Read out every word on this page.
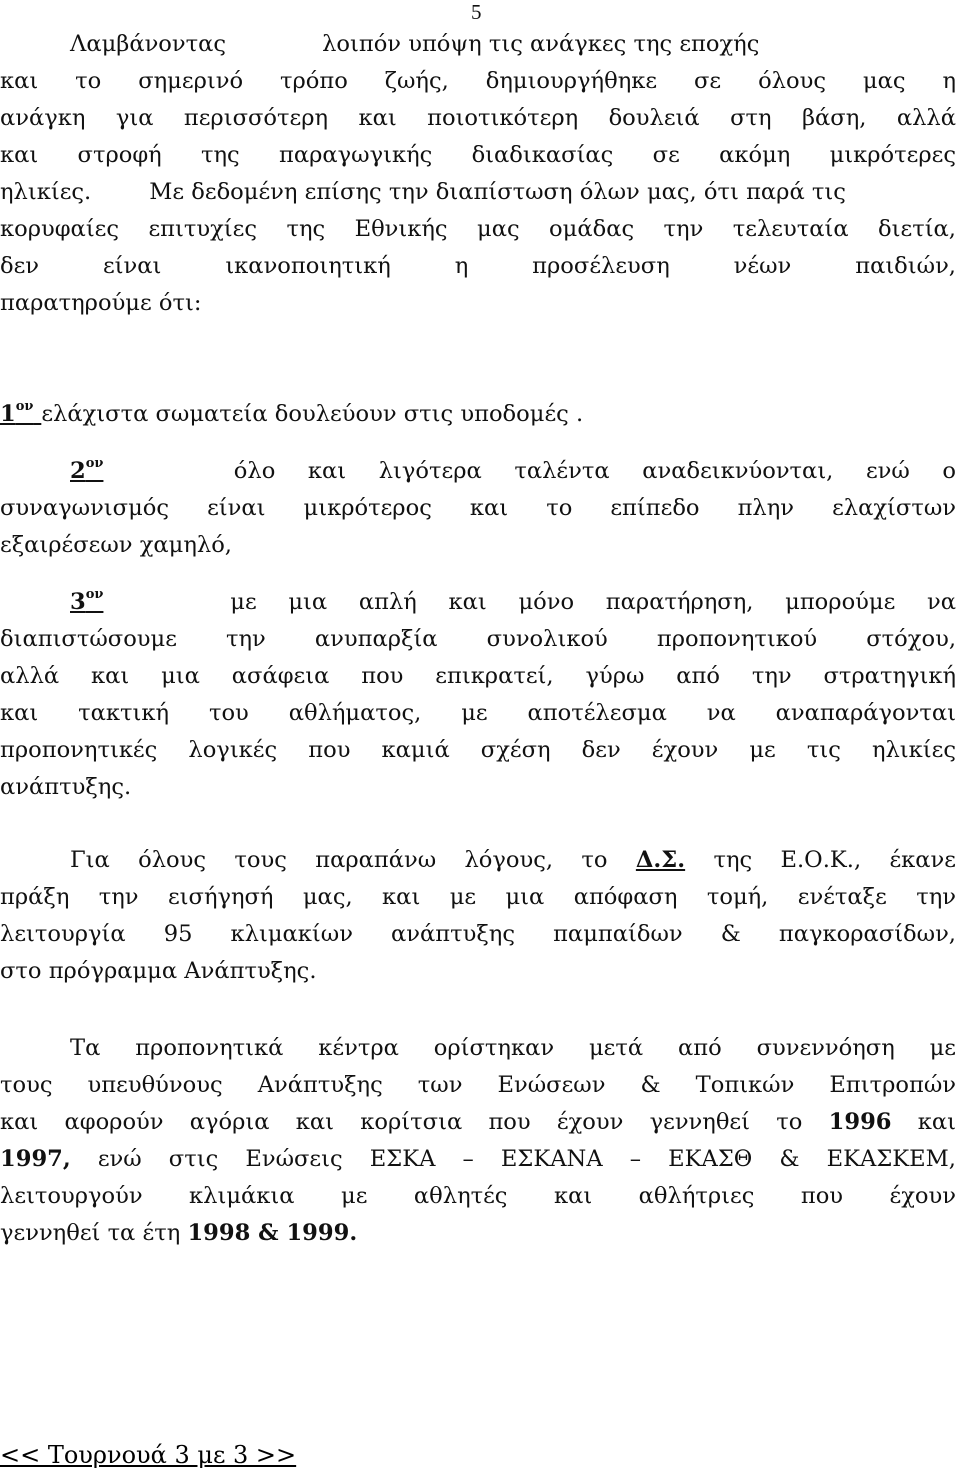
5
Λαμβάνοντας	λοιπόν υπόψη τις ανάγκες της εποχής
και το σημερινό τρόπο ζωής, δημιουργήθηκε σε όλους μας η
ανάγκη για περισσότερη και ποιοτικότερη δουλειά στη βάση, αλλά
και στροφή της παραγωγικής διαδικασίας σε ακόμη μικρότερες
ηλικίες.	Με δεδομένη επίσης την διαπίστωση όλων μας, ότι παρά τις
κορυφαίες επιτυχίες της Εθνικής μας ομάδας την τελευταία διετία,
δεν είναι ικανοποιητική η προσέλευση νέων παιδιών,
παρατηρούμε ότι:
$1^{o\nu}$ ελάχιστα σωματεία δουλεύουν στις υποδομές .
$2^{o\nu}$	όλο και λιγότερα ταλέντα αναδεικνύονται, ενώ ο
συναγωνισμός είναι μικρότερος και το επίπεδο πλην ελαχίστων
εξαιρέσεων χαμηλό,
$3^{o\nu}$	με μια απλή και μόνο παρατήρηση, μπορούμε να
διαπιστώσουμε την ανυπαρξία συνολικού προπονητικού στόχου,
αλλά και μια ασάφεια που επικρατεί, γύρω από την στρατηγική
και τακτική του αθλήματος, με αποτέλεσμα να αναπαράγονται
προπονητικές λογικές που καμιά σχέση δεν έχουν με τις ηλικίες
ανάπτυξης.
Για όλους τους παραπάνω λόγους, το Δ.Σ. της Ε.Ο.Κ., έκανε
πράξη την εισήγησή μας, και με μια απόφαση τομή, ενέταξε την
λειτουργία 95 κλιμακίων ανάπτυξης παμπαίδων & παγκορασίδων,
στο πρόγραμμα Ανάπτυξης.
Τα προπονητικά κέντρα ορίστηκαν μετά από συνεννόηση με
τους υπευθύνους Ανάπτυξης των Ενώσεων & Τοπικών Επιτροπών
και αφορούν αγόρια και κορίτσια που έχουν γεννηθεί το 1996 και
1997, ενώ στις Ενώσεις ΕΣΚΑ – ΕΣΚΑΝΑ – ΕΚΑΣΘ & ΕΚΑΣΚΕΜ,
λειτουργούν κλιμάκια με αθλητές και αθλήτριες που έχουν
γεννηθεί τα έτη 1998 & 1999.
<< Τουρνουά 3 με 3 >>
